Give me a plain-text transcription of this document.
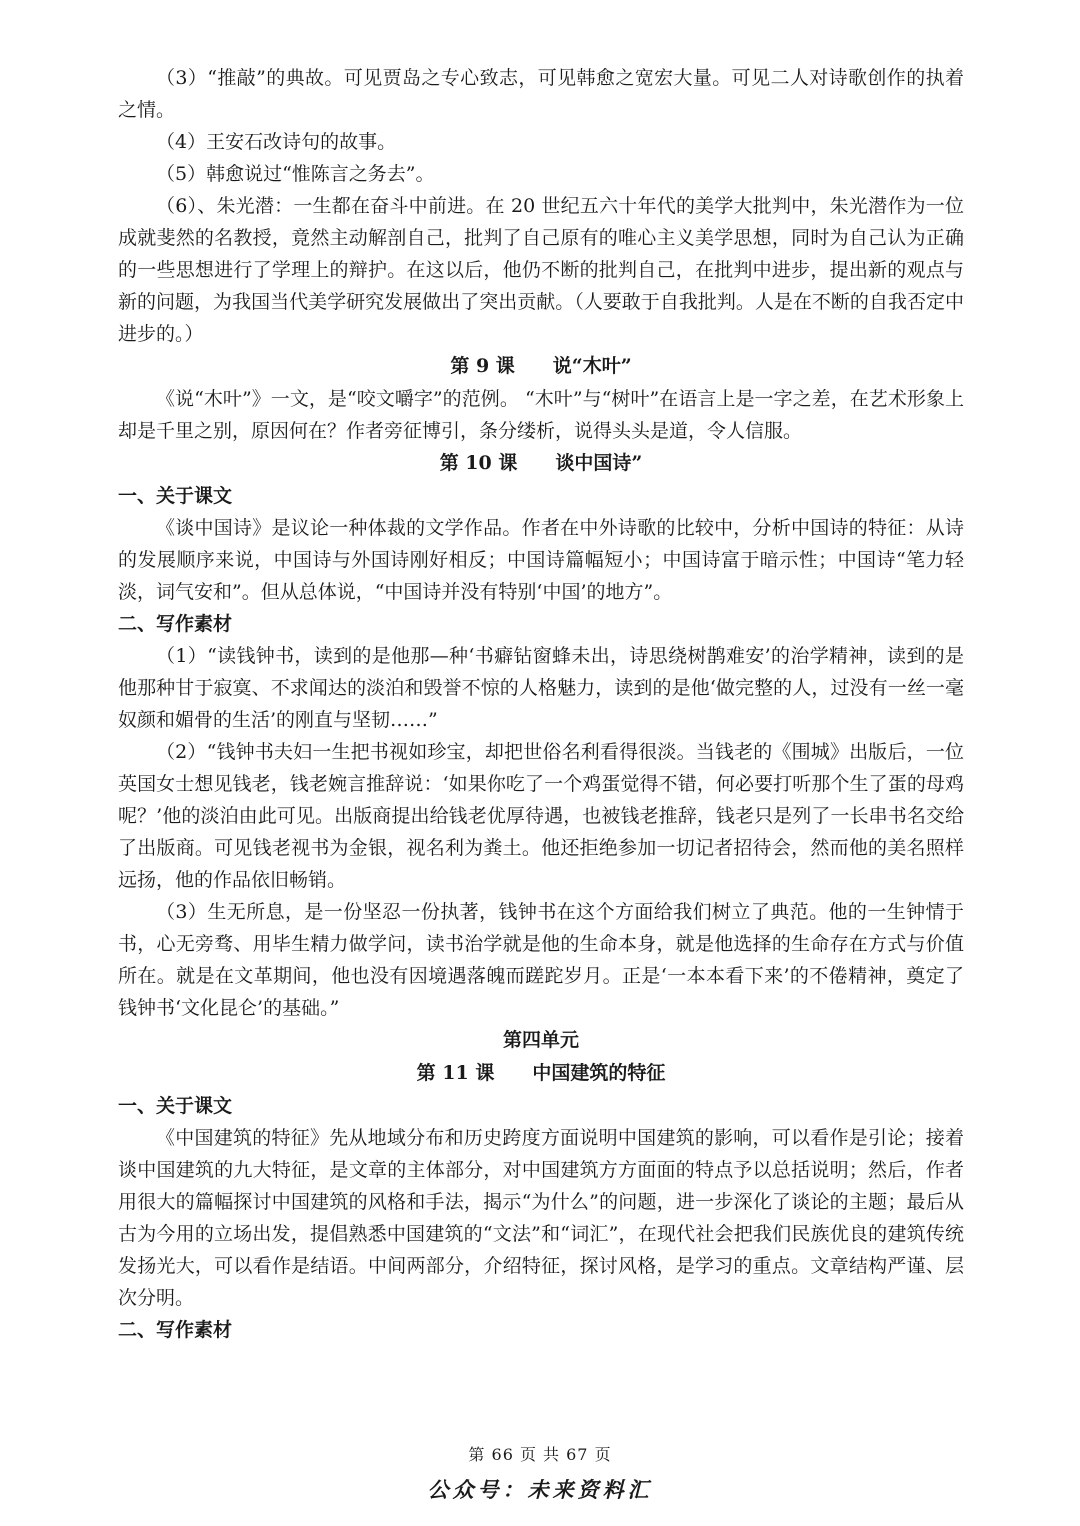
（3）“推敲”的典故。可见贾岛之专心致志，可见韩愈之宽宏大量。可见二人对诗歌创作的执着之情。

（4）王安石改诗句的故事。

（5）韩愈说过“惟陈言之务去”。

（6）、朱光潜：一生都在奋斗中前进。在 20 世纪五六十年代的美学大批判中，朱光潜作为一位成就斐然的名教授，竟然主动解剖自己，批判了自己原有的唯心主义美学思想，同时为自己认为正确的一些思想进行了学理上的辩护。在这以后，他仍不断的批判自己，在批判中进步，提出新的观点与新的问题，为我国当代美学研究发展做出了突出贡献。（人要敢于自我批判。人是在不断的自我否定中进步的。）

第 9 课 说“木叶”

《说“木叶”》一文，是“咬文嚼字”的范例。 “木叶”与“树叶”在语言上是一字之差，在艺术形象上却是千里之别，原因何在？作者旁征博引，条分缕析，说得头头是道，令人信服。

第 10 课 谈中国诗”
一、关于课文

《谈中国诗》是议论一种体裁的文学作品。作者在中外诗歌的比较中，分析中国诗的特征：从诗的发展顺序来说，中国诗与外国诗刚好相反；中国诗篇幅短小；中国诗富于暗示性；中国诗“笔力轻淡，词气安和”。但从总体说，“中国诗并没有特别‘中国’的地方”。

二、写作素材

（1）“读钱钟书，读到的是他那—种‘书癖钻窗蜂未出，诗思绕树鹊难安’的治学精神，读到的是他那种甘于寂寞、不求闻达的淡泊和毁誉不惊的人格魅力，读到的是他‘做完整的人，过没有一丝一毫奴颜和媚骨的生活’的刚直与坚韧……”

（2）“钱钟书夫妇一生把书视如珍宝，却把世俗名利看得很淡。当钱老的《围城》出版后，一位英国女士想见钱老，钱老婉言推辞说：‘如果你吃了一个鸡蛋觉得不错，何必要打听那个生了蛋的母鸡呢？’他的淡泊由此可见。出版商提出给钱老优厚待遇，也被钱老推辞，钱老只是列了一长串书名交给了出版商。可见钱老视书为金银，视名利为粪土。他还拒绝参加一切记者招待会，然而他的美名照样远扬，他的作品依旧畅销。

（3）生无所息，是一份坚忍一份执著，钱钟书在这个方面给我们树立了典范。他的一生钟情于书，心无旁骛、用毕生精力做学问，读书治学就是他的生命本身，就是他选择的生命存在方式与价值所在。就是在文革期间，他也没有因境遇落魄而蹉跎岁月。正是‘一本本看下来’的不倦精神，奠定了钱钟书‘文化昆仑’的基础。”

第四单元
第 11 课 中国建筑的特征
一、关于课文

《中国建筑的特征》先从地域分布和历史跨度方面说明中国建筑的影响，可以看作是引论；接着谈中国建筑的九大特征，是文章的主体部分，对中国建筑方方面面的特点予以总括说明；然后，作者用很大的篇幅探讨中国建筑的风格和手法，揭示“为什么”的问题，进一步深化了谈论的主题；最后从古为今用的立场出发，提倡熟悉中国建筑的“文法”和“词汇”，在现代社会把我们民族优良的建筑传统发扬光大，可以看作是结语。中间两部分，介绍特征，探讨风格，是学习的重点。文章结构严谨、层次分明。

二、写作素材
第 66 页 共 67 页
公众号：未来资料汇
